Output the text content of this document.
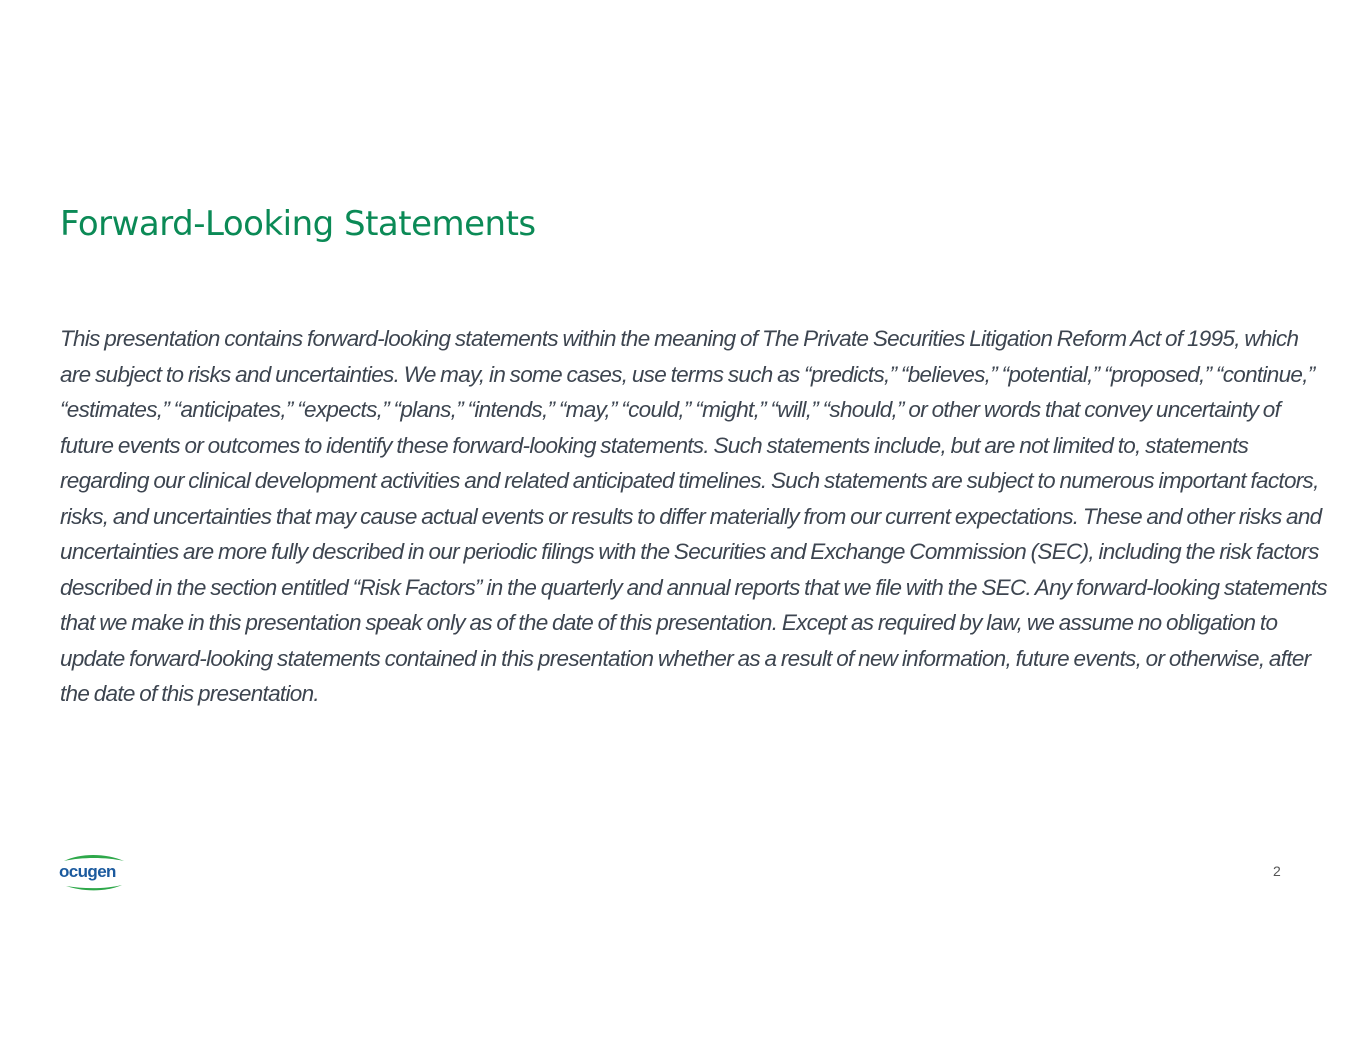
Forward-Looking Statements

This presentation contains forward-looking statements within the meaning of The Private Securities Litigation Reform Act of 1995, which are subject to risks and uncertainties. We may, in some cases, use terms such as “predicts,” “believes,” “potential,” “proposed,” “continue,” “estimates,” “anticipates,” “expects,” “plans,” “intends,” “may,” “could,” “might,” “will,” “should,” or other words that convey uncertainty of future events or outcomes to identify these forward-looking statements. Such statements include, but are not limited to, statements regarding our clinical development activities and related anticipated timelines. Such statements are subject to numerous important factors, risks, and uncertainties that may cause actual events or results to differ materially from our current expectations. These and other risks and uncertainties are more fully described in our periodic filings with the Securities and Exchange Commission (SEC), including the risk factors described in the section entitled “Risk Factors” in the quarterly and annual reports that we file with the SEC. Any forward-looking statements that we make in this presentation speak only as of the date of this presentation. Except as required by law, we assume no obligation to update forward-looking statements contained in this presentation whether as a result of new information, future events, or otherwise, after the date of this presentation.

ocugen	2
